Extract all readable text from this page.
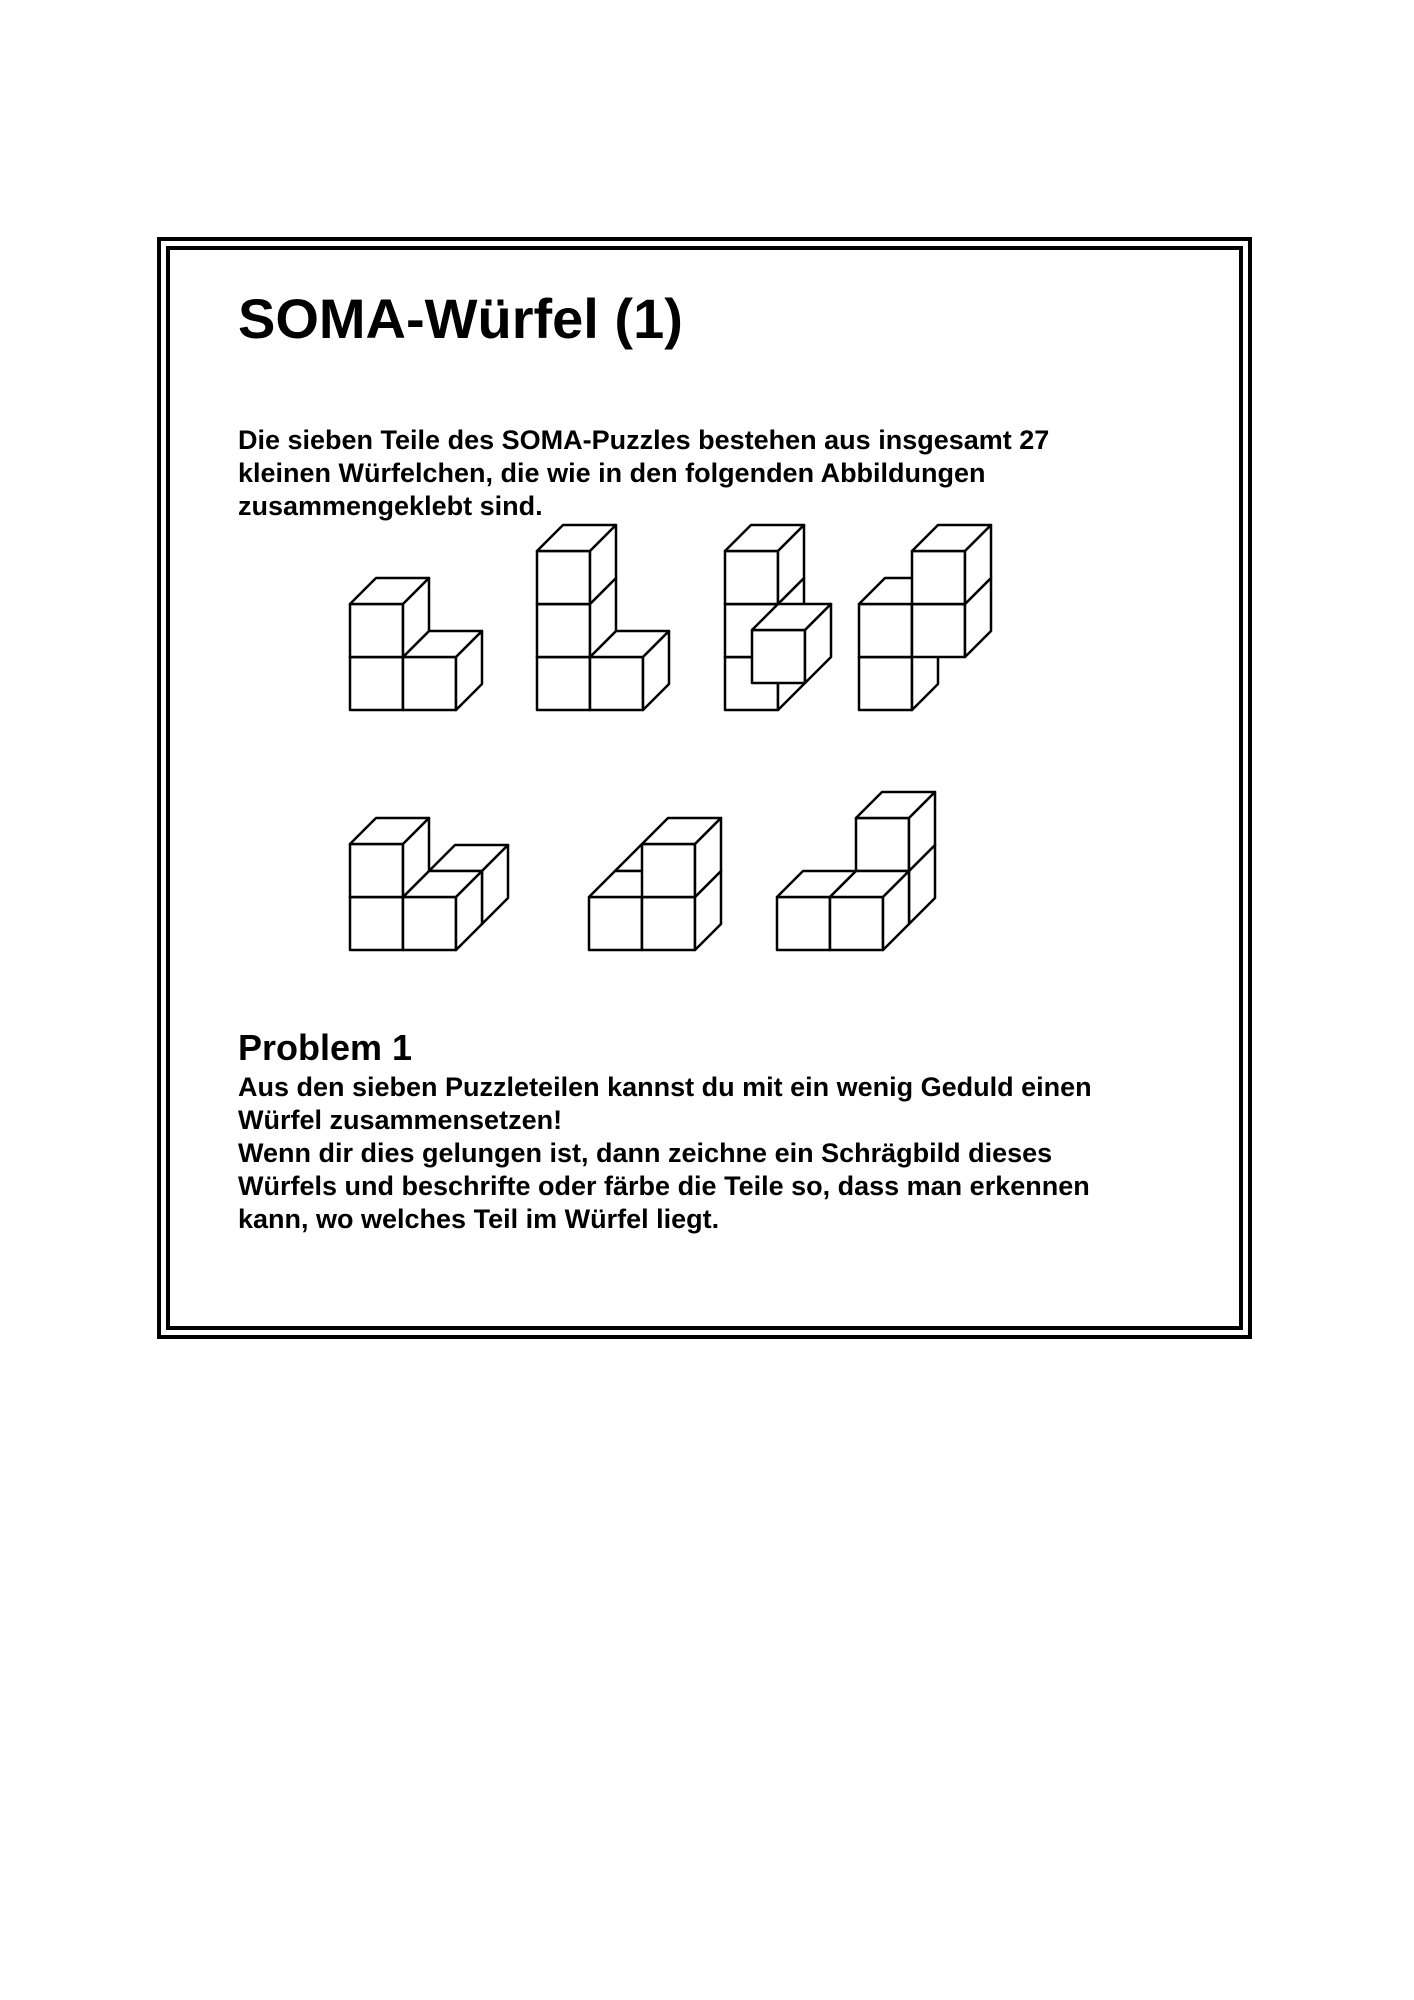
SOMA-Würfel (1)

Die sieben Teile des SOMA-Puzzles bestehen aus insgesamt 27
kleinen Würfelchen, die wie in den folgenden Abbildungen
zusammengeklebt sind.

Problem 1

Aus den sieben Puzzleteilen kannst du mit ein wenig Geduld einen
Würfel zusammensetzen!
Wenn dir dies gelungen ist, dann zeichne ein Schrägbild dieses
Würfels und beschrifte oder färbe die Teile so, dass man erkennen
kann, wo welches Teil im Würfel liegt.
